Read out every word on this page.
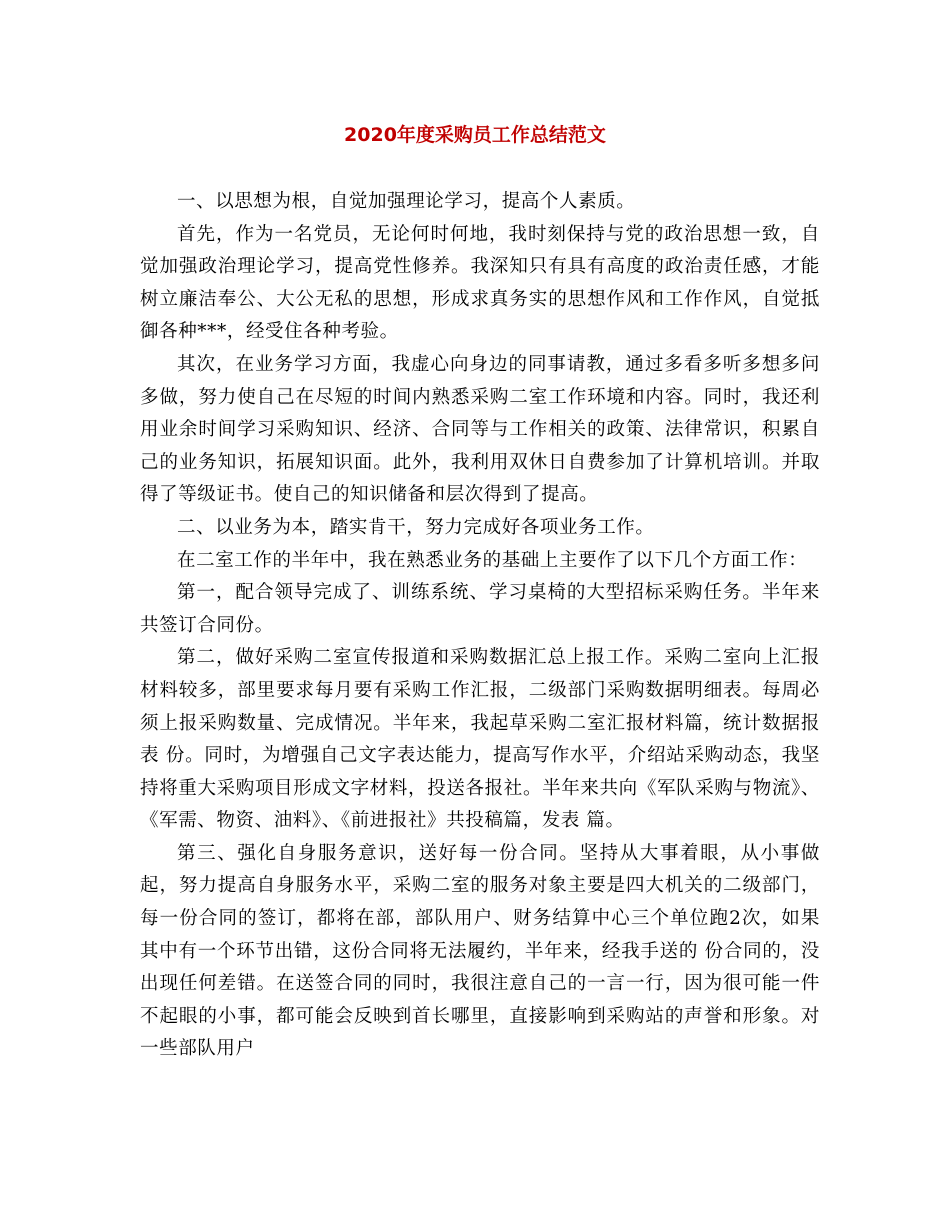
2020年度采购员工作总结范文

一、以思想为根，自觉加强理论学习，提高个人素质。

首先，作为一名党员，无论何时何地，我时刻保持与党的政治思想一致，自觉加强政治理论学习，提高党性修养。我深知只有具有高度的政治责任感，才能树立廉洁奉公、大公无私的思想，形成求真务实的思想作风和工作作风，自觉抵御各种***，经受住各种考验。

其次，在业务学习方面，我虚心向身边的同事请教，通过多看多听多想多问多做，努力使自己在尽短的时间内熟悉采购二室工作环境和内容。同时，我还利用业余时间学习采购知识、经济、合同等与工作相关的政策、法律常识，积累自己的业务知识，拓展知识面。此外，我利用双休日自费参加了计算机培训。并取得了等级证书。使自己的知识储备和层次得到了提高。

二、以业务为本，踏实肯干，努力完成好各项业务工作。

在二室工作的半年中，我在熟悉业务的基础上主要作了以下几个方面工作：

第一，配合领导完成了、训练系统、学习桌椅的大型招标采购任务。半年来共签订合同份。

第二，做好采购二室宣传报道和采购数据汇总上报工作。采购二室向上汇报材料较多，部里要求每月要有采购工作汇报，二级部门采购数据明细表。每周必须上报采购数量、完成情况。半年来，我起草采购二室汇报材料篇，统计数据报表 份。同时，为增强自己文字表达能力，提高写作水平，介绍站采购动态，我坚持将重大采购项目形成文字材料，投送各报社。半年来共向《军队采购与物流》、《军需、物资、油料》、《前进报社》共投稿篇，发表 篇。

第三、强化自身服务意识，送好每一份合同。坚持从大事着眼，从小事做起，努力提高自身服务水平，采购二室的服务对象主要是四大机关的二级部门，每一份合同的签订，都将在部，部队用户、财务结算中心三个单位跑2次，如果其中有一个环节出错，这份合同将无法履约，半年来，经我手送的 份合同的，没出现任何差错。在送签合同的同时，我很注意自己的一言一行，因为很可能一件不起眼的小事，都可能会反映到首长哪里，直接影响到采购站的声誉和形象。对一些部队用户
